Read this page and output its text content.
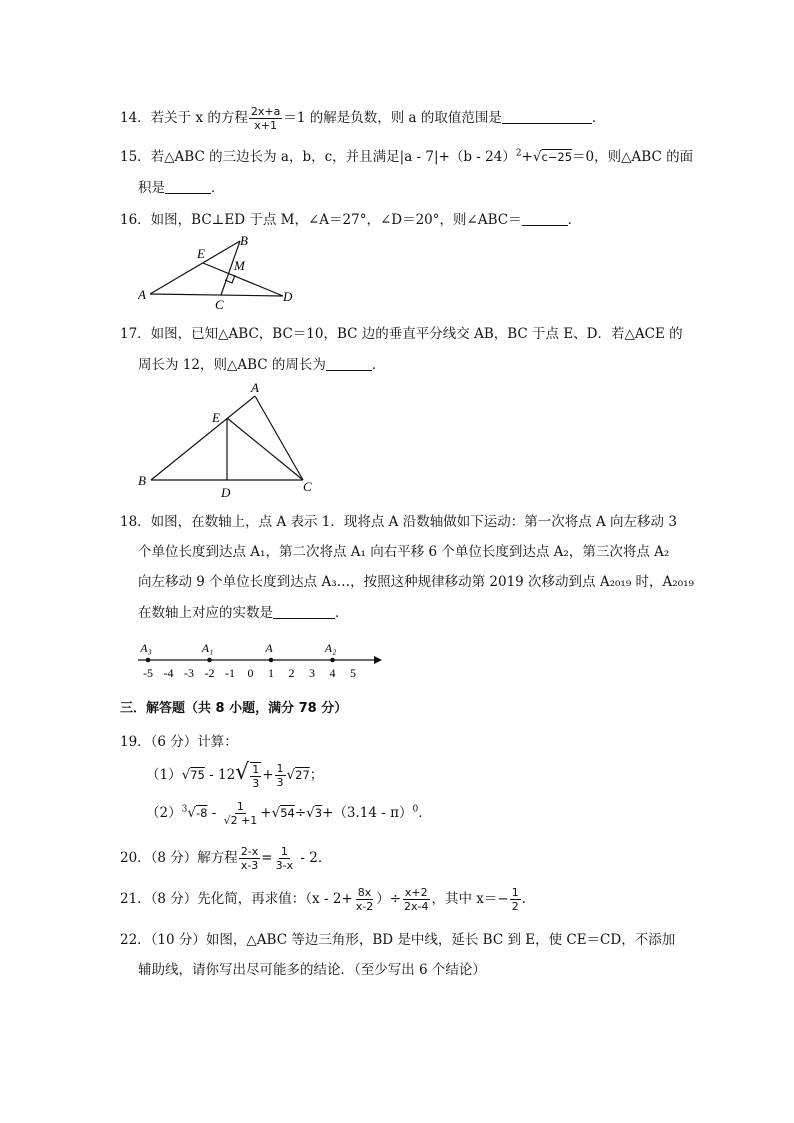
14．若关于 x 的方程 $\frac{2x+a}{x+1} =1$ 的解是负数，则 a 的取值范围是	．
15．若△ABC 的三边长为 a，b，c，并且满足|a - 7|+（b - 24）$^2$+√c−25＝0，则△ABC 的面
积是	．
16．如图，BC⊥ED 于点 M，∠A＝27°，∠D＝20°，则∠ABC＝	．
A
B
C
D
E
M
17．如图，已知△ABC，BC＝10，BC 边的垂直平分线交 AB，BC 于点 E、D．若△ACE 的
周长为 12，则△ABC 的周长为	．
B
A
C
D
E
18．如图，在数轴上，点 A 表示 1．现将点 A 沿数轴做如下运动：第一次将点 A 向左移动 3
个单位长度到达点 A₁，第二次将点 A₁ 向右平移 6 个单位长度到达点 A₂，第三次将点 A₂
向左移动 9 个单位长度到达点 A₃…，按照这种规律移动第 2019 次移动到点 A₂₀₁₉ 时，A₂₀₁₉
在数轴上对应的实数是	．
-5 -4 -3 -2 -1 0 1 2 3 4 5
A₃	A₁	A	A₂
三．解答题（共 8 小题，满分 78 分）
19．（6 分）计算：
$(1)√75 - 12√ \frac{1}{3} + \frac{1}{3} √27$；
$(2)^3√-8 - \frac{1}{√2 +1} +√54\div√3+(3.14 - \pi)^0$．
20．（8 分）解方程 $\frac{2-x}{x-3} = \frac{1}{3-x} - 2$．
21．（8 分）先化简，再求值：（$x - 2+ \frac{8x}{x-2}$ ）÷ $\frac{x+2}{2x-4}$ ，其中 $x=- \frac{1}{2}$ ．
22．（10 分）如图，△ABC 等边三角形，BD 是中线，延长 BC 到 E，使 CE＝CD，不添加
辅助线，请你写出尽可能多的结论．（至少写出 6 个结论）
